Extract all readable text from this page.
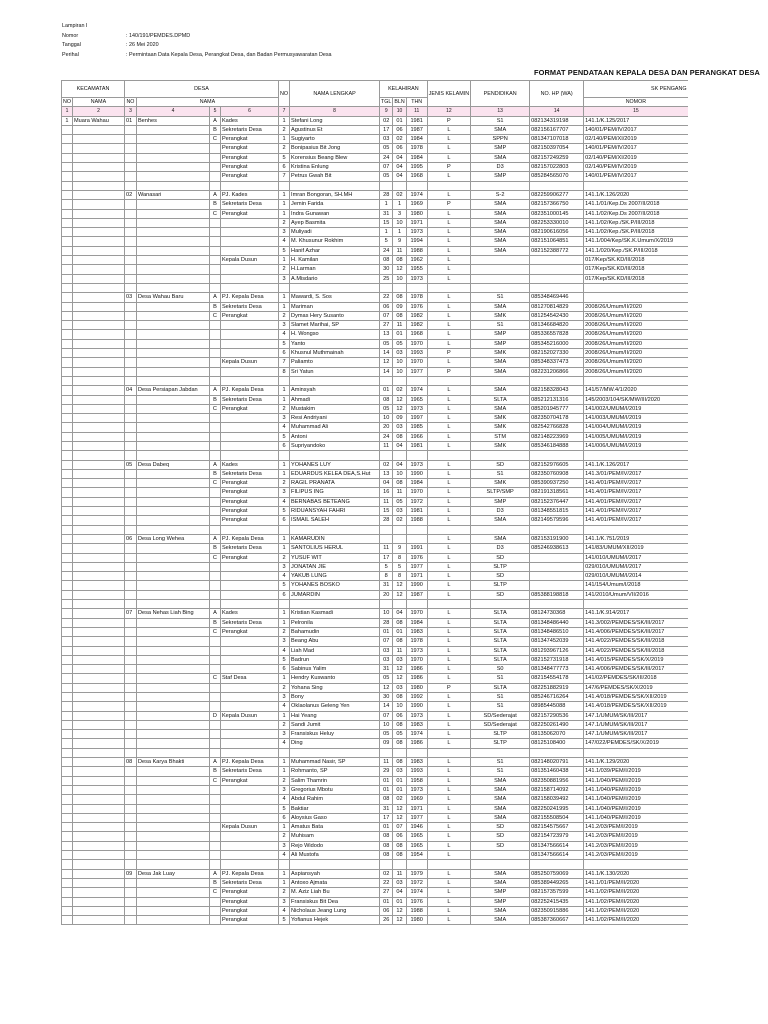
Lampiran I
Nomor	: 140/191/PEMDES.DPMD
Tanggal	: 26 Mei 2020
Perihal	: Permintaan Data Kepala Desa, Perangkat Desa, dan Badan Permusyawaratan Desa
FORMAT PENDATAAN KEPALA DESA DAN PERANGKAT DESA
KECAMATAN		DESA				NO	NAMA LENGKAP	KELAHIRAN			JENIS KELAMIN	PENDIDIKAN	NO. HP (WA)	SK PENGANG
NO	NAMA	NO	NAMA					TGL	BLN	THN				NOMOR
1	2	3	4	5	6	7	8	9	10	11	12	13	14	15
1	Muara Wahau	01	Benhes	A	Kades	1	Stefani Long	02	01	1981	P	S1	082134319198	141.1/K.125/2017
				B	Sekretaris Desa	2	Agustinus Et	17	06	1987	L	SMA	082156167707	140/01/PEM/IV/2017
				C	Perangkat	1	Sugiyarto	03	02	1984	L	SPPN	081347107018	02/140/PEM/XI/2019
					Perangkat	2	Bonipasius Bit Jong	05	06	1978	L	SMP	082150397054	140/01/PEM/IV/2017
					Perangkat	5	Korensius Beang Blew	24	04	1984	L	SMA	082157249259	02/140/PEM/XI/2019
					Perangkat	6	Kristina Enlung	07	04	1995	P	D3	082157022803	02/140/PEM/IV/2019
					Perangkat	7	Petrus Gwah Bit	05	04	1968	L	SMP	085284565070	140/01/PEM/IV/2017

		02	Wanasari	A	PJ. Kades	1	Imran Bongoran, SH.MH	28	02	1974	L	S-2	082259906277	141.1/K.126/2020
				B	Sekretaris Desa	1	Jemin Farida	1	1	1969	P	SMA	082157366750	141.1/01/Kep.Ds 2007/II/2018
				C	Perangkat	1	Indra Gunawan	31	3	1980	L	SMA	082351000145	141.1/02/Kep.Ds 2007/II/2018
						2	Ayep Basmita	15	10	1971	L	SMA	082253330010	141.1/02/Kep./SK.P/III/2018
						3	Muliyadi	1	1	1973	L	SMA	082190616056	141.1/02/Kep./SK.P/III/2018
						4	M. Khusunur Rokhim	5	9	1994	L	SMA	082151064851	141.1/004/Kep/SK.K.Umum/X/2019
						5	Hanif Azhar	24	11	1988	L	SMA	082152388772	141.1/020/Kep./SK.P/III/2018
					Kepala Dusun	1	H. Kamilan	08	08	1962	L			017/Kep/SK.KD/III/2018
						2	H.Larman	30	12	1955	L			017/Kep/SK.KD/III/2018
						3	A.Misdario	25	10	1973	L			017/Kep/SK.KD/III/2018

		03	Desa Wahau Baru	A	PJ. Kepala Desa	1	Mawardi, S. Sos	22	08	1978	L	S1	085348469446	
				B	Sekretaris Desa	1	Mariman	06	09	1976	L	SMA	081270814829	2008/26/Umum/II/2020
				C	Perangkat	2	Dymas Hery Susanto	07	08	1982	L	SMK	081254542430	2008/26/Umum/II/2020
						3	Slamet Marihai, SP	27	11	1982	L	S1	081346684820	2008/26/Umum/II/2020
						4	H. Wongso	13	01	1968	L	SMP	085336557828	2008/26/Umum/II/2020
						5	Yanto	05	05	1970	L	SMP	085345216000	2008/26/Umum/II/2020
						6	Khusnul Muthmainah	14	03	1993	P	SMK	082152027330	2008/26/Umum/II/2020
					Kepala Dusun	7	Paliamto	12	10	1970	L	SMA	085348337473	2008/26/Umum/II/2020
						8	Sri Yatun	14	10	1977	P	SMA	082231206866	2008/26/Umum/II/2020

		04	Desa Persiapan Jabdan	A	PJ. Kepala Desa	1	Aminsyah	01	02	1974	L	SMA	082158328043	141/57/MW.4/1/2020
				B	Sekretaris Desa	1	Ahmadi	08	12	1965	L	SLTA	085212131316	145/2003/104/SK/MW/III/2020
				C	Perangkat	2	Mustakim	05	12	1973	L	SMA	085201945777	141/002/UMUM/I/2019
						3	Resi Andriyani	10	09	1997	L	SMK	082350704178	141/003/UMUM/I/2019
						4	Muhammad Ali	20	03	1985	L	SMK	082542766828	141/004/UMUM/I/2019
						5	Antoni	24	08	1966	L	STM	082148223969	141/005/UMUM/I/2019
						6	Supriyandoko	11	04	1981	L	SMK	085346184888	141/006/UMUM/I/2019

		05	Desa Dabeq	A	Kades	1	YOHANES LUY	02	04	1973	L	SD	082152976605	141.1/K.126/2017
				B	Sekretaris Desa	1	EDUARDUS KELEA DEA,S.Hut	13	10	1990	L	S1	082350760908	141.3/01/PEM/IV/2017
				C	Perangkat	2	RAGIL PRANATA	04	08	1984	L	SMK	085390937250	141.4/01/PEM/IV/2017
					Perangkat	3	FILIPUS ING	16	11	1970	L	SLTP/SMP	082191318561	141.4/01/PEM/IV/2017
					Perangkat	4	BERNABAS BETEANG	11	05	1972	L	SMP	082152376447	141.4/01/PEM/IV/2017
					Perangkat	5	RIDUANSYAH FAHRI	15	03	1981	L	D3	081348551815	141.4/01/PEM/IV/2017
					Perangkat	6	ISMAIL SALEH	28	02	1988	L	SMA	082149579596	141.4/01/PEM/IV/2017

		06	Desa Long Wehea	A	PJ. Kepala Desa	1	KAMARUDIN				L	SMA	082153191900	141.1/K.751/2019
				B	Sekretaris Desa	1	SANTOLIUS HERUL	11	9	1991	L	D3	085246938613	141/83/UMUM/XII/2019
				C	Perangkat	2	YUSUF WIT	17	8	1976	L	SD		141/010/UMUM/I/2017
						3	JONATAN JIE	5	5	1977	L	SLTP		029/010/UMUM/I/2017
						4	YAKUB LUNG	8	8	1971	L	SD		029/010/UMUM/I/2014
						5	YOHANES BOSKO	31	12	1990	L	SLTP		141/154/Umum/I/2018
						6	JUMARDIN	20	12	1987	L	SD	085388198818	141/2010/Umum/VII/2016

		07	Desa Nehas Liah Bing	A	Kades	1	Kristian Kasmadi	10	04	1970	L	SLTA	08124730368	141.1/K.914/2017
				B	Sekretaris Desa	1	Pelronila	28	08	1984	L	SLTA	081348486440	141.3/002/PEMDES/SK/III/2017
				C	Perangkat	2	Bahamudin	01	01	1983	L	SLTA	081348486510	141.4/006/PEMDES/SK/III/2017
						3	Beang Abu	07	08	1978	L	SLTA	081347452039	141.4/022/PEMDES/SK/III/2018
						4	Liah Mad	03	11	1973	L	SLTA	081293967126	141.4/022/PEMDES/SK/III/2018
						5	Badrun	03	03	1970	L	SLTA	082152731918	141.4/015/PEMDES/SK/X/2019
						6	Sabinus Yalim	31	12	1986	L	S0	081348477773	141.4/006/PEMDES/SK/III/2017
				C	Staf Desa	1	Hendry Kuswanto	05	12	1986	L	S1	082154554178	141/02/PEMDES/SK/III/2018
						2	Yohana Sing	12	03	1980	P	SLTA	082251882919	147/6/PEMDES/SK/X/2019
						3	Bony	30	08	1992	L	S1	085246716264	141.4/018/PEMDES/SK/XII/2019
						4	Oklaolanus Geleng Yen	14	10	1990	L	S1	08985445088	141.4/018/PEMDES/SK/XII/2019
				D	Kepala Dusun	1	Hai Yeang	07	06	1973	L	SD/Sederajat	082157290536	147.1/UMUM/SK/III/2017
						2	Sandi Jumit	10	08	1983	L	SD/Sederajat	082250261490	147.1/UMUM/SK/III/2017
						3	Fransiskus Heluy	05	05	1974	L	SLTP	08135062070	147.1/UMUM/SK/III/2017
						4	Ding	09	08	1986	L	SLTP	08125108400	147/022/PEMDES/SK/X/2019

		08	Desa Karya Bhakti	A	PJ. Kepala Desa	1	Muhammad Nasir, SP	11	08	1983	L	S1	082148020791	141.1/K.129/2020
				B	Sekretaris Desa	1	Rohmanto, SP	29	03	1993	L	S1	081351460438	141.1/039/PEM/I/2019
				C	Perangkat	2	Salim Thamrin	01	01	1958	L	SMA	082350881956	141.1/040/PEM/I/2019
						3	Gregorius Mbotu	01	01	1973	L	SMA	082158714092	141.1/040/PEM/I/2019
						4	Abdul Rahim	08	02	1969	L	SMA	082158039492	141.1/040/PEM/I/2019
						5	Baktiar	31	12	1971	L	SMA	082250241995	141.1/040/PEM/I/2019
						6	Aloysius Gaso	17	12	1977	L	SMA	082155508504	141.1/040/PEM/I/2019
					Kepala Dusun	1	Amatus Bata	01	07	1946	L	SD	082154575667	141.2/03/PEM/I/2019
						2	Muhisam	08	06	1965	L	SD	082154723979	141.2/03/PEM/I/2019
						3	Rejo Widodo	08	08	1965	L	SD	081347566614	141.2/03/PEM/I/2019
						4	Ali Mustofa	08	08	1954	L		081347566614	141.2/03/PEM/I/2019

		09	Desa Jak Luay	A	PJ. Kepala Desa	1	Aspiansyah	02	11	1979	L	SMA	085250759069	141.1/K.130/2020
				B	Sekretaris Desa	1	Antoxo Ajmata	22	03	1972	L	SMA	085389449265	141.1/01/PEM/II/2020
				C	Perangkat	2	M. Aziz Liah Bu	27	04	1974	L	SMP	082157357599	141.1/02/PEM/II/2020
					Perangkat	3	Fransiskus Bit Dea	01	01	1976	L	SMP	082252415435	141.1/02/PEM/II/2020
					Perangkat	4	Nicholaus Jeang Lung	06	12	1988	L	SMA	082350915886	141.1/02/PEM/II/2020
					Perangkat	5	Yofianus Hejek	26	12	1980	L	SMA	085387360667	141.1/02/PEM/II/2020
